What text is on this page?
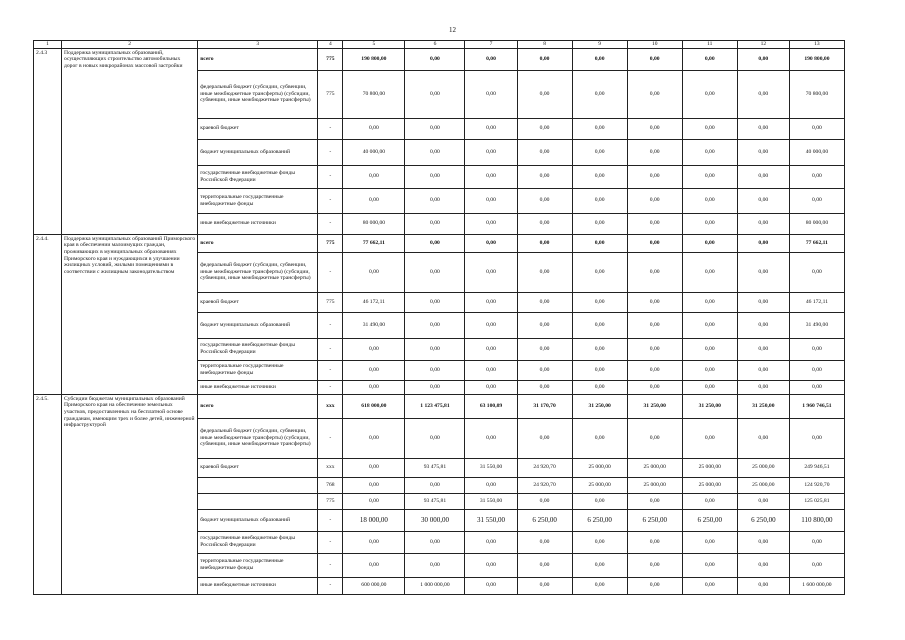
12
1	2	3	4	5	6	7	8	9	10	11	12	13
2.4.3	Поддержка муниципальных образований, осуществляющих строительство автомобильных дорог в новых микрорайонах массовой застройки	всего	775	190 800,00	0,00	0,00	0,00	0,00	0,00	0,00	0,00	190 800,00
		федеральный бюджет (субсидии, субвенции, иные межбюджетные трансферты) (субсидии, субвенции, иные межбюджетные трансферты)	775	70 800,00	0,00	0,00	0,00	0,00	0,00	0,00	0,00	70 800,00
		краевой бюджет	-	0,00	0,00	0,00	0,00	0,00	0,00	0,00	0,00	0,00
		бюджет муниципальных образований	-	40 000,00	0,00	0,00	0,00	0,00	0,00	0,00	0,00	40 000,00
		государственные внебюджетные фонды Российской Федерации	-	0,00	0,00	0,00	0,00	0,00	0,00	0,00	0,00	0,00
		территориальные государственные внебюджетные фонды	-	0,00	0,00	0,00	0,00	0,00	0,00	0,00	0,00	0,00
		иные внебюджетные источники	-	80 000,00	0,00	0,00	0,00	0,00	0,00	0,00	0,00	80 000,00
2.4.4.	Поддержка муниципальных образований Приморского края в обеспечении малоимущих граждан, проживающих в муниципальных образованиях Приморского края и нуждающихся в улучшении жилищных условий, жилыми помещениями в соответствии с жилищным законодательством	всего	775	77 662,11	0,00	0,00	0,00	0,00	0,00	0,00	0,00	77 662,11
		федеральный бюджет (субсидии, субвенции, иные межбюджетные трансферты) (субсидии, субвенции, иные межбюджетные трансферты)	-	0,00	0,00	0,00	0,00	0,00	0,00	0,00	0,00	0,00
		краевой бюджет	775	46 172,11	0,00	0,00	0,00	0,00	0,00	0,00	0,00	46 172,11
		бюджет муниципальных образований	-	31 490,00	0,00	0,00	0,00	0,00	0,00	0,00	0,00	31 490,00
		государственные внебюджетные фонды Российской Федерации	-	0,00	0,00	0,00	0,00	0,00	0,00	0,00	0,00	0,00
		территориальные государственные внебюджетные фонды	-	0,00	0,00	0,00	0,00	0,00	0,00	0,00	0,00	0,00
		иные внебюджетные источники	-	0,00	0,00	0,00	0,00	0,00	0,00	0,00	0,00	0,00
2.4.5.	Субсидии бюджетам муниципальных образований Приморского края на обеспечение земельных участков, предоставленных на бесплатной основе гражданам, имеющим трех и более детей, инженерной инфраструктурой	всего	xxx	618 000,00	1 123 475,81	63 100,09	31 170,70	31 250,00	31 250,00	31 250,00	31 250,00	1 960 746,51
		федеральный бюджет (субсидии, субвенции, иные межбюджетные трансферты) (субсидии, субвенции, иные межбюджетные трансферты)	-	0,00	0,00	0,00	0,00	0,00	0,00	0,00	0,00	0,00
		краевой бюджет	xxx	0,00	93 475,81	31 550,00	24 920,70	25 000,00	25 000,00	25 000,00	25 000,00	249 946,51
			768	0,00	0,00	0,00	24 920,70	25 000,00	25 000,00	25 000,00	25 000,00	124 920,70
			775	0,00	93 475,81	31 550,00	0,00	0,00	0,00	0,00	0,00	125 025,81
		бюджет муниципальных образований	-	18 000,00	30 000,00	31 550,00	6 250,00	6 250,00	6 250,00	6 250,00	6 250,00	110 800,00
		государственные внебюджетные фонды Российской Федерации	-	0,00	0,00	0,00	0,00	0,00	0,00	0,00	0,00	0,00
		территориальные государственные внебюджетные фонды	-	0,00	0,00	0,00	0,00	0,00	0,00	0,00	0,00	0,00
		иные внебюджетные источники	-	600 000,00	1 000 000,00	0,00	0,00	0,00	0,00	0,00	0,00	1 600 000,00
